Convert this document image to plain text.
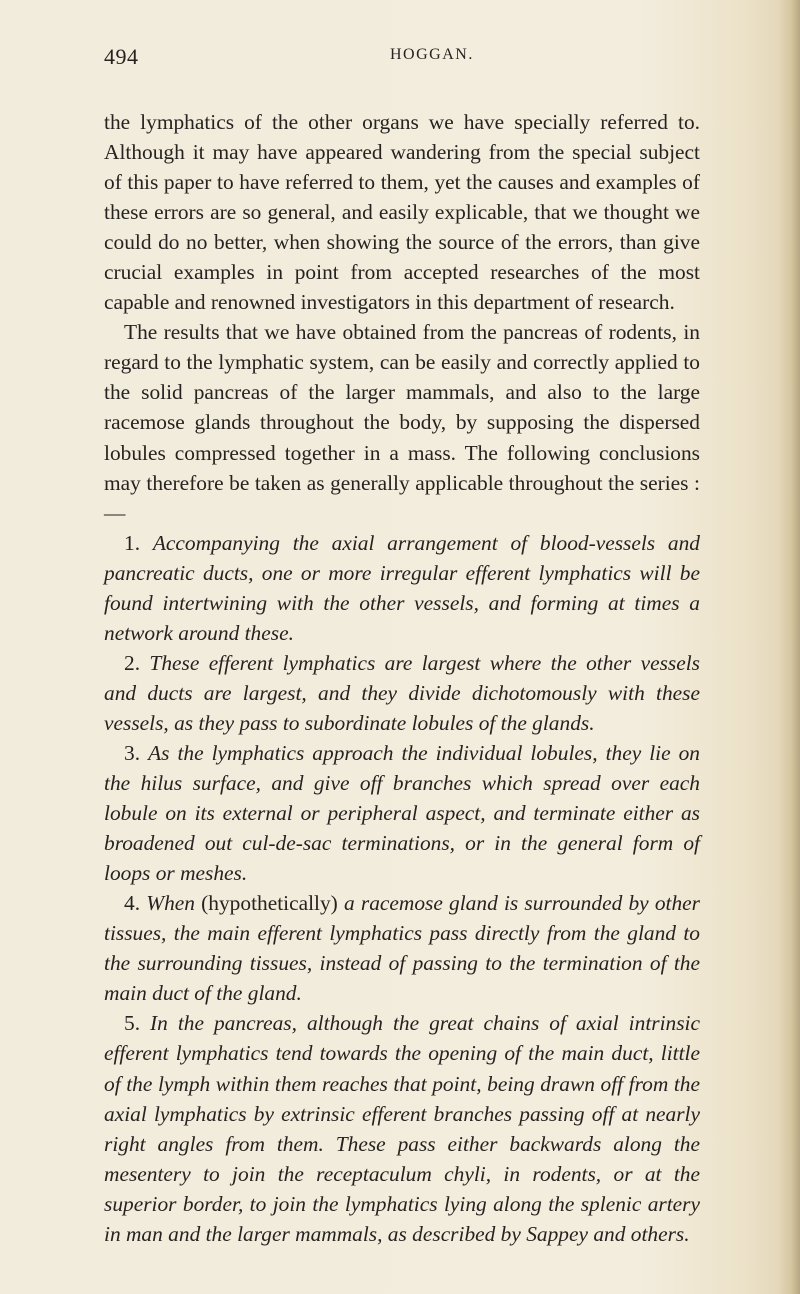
494	HOGGAN.

the lymphatics of the other organs we have specially referred to. Although it may have appeared wandering from the special subject of this paper to have referred to them, yet the causes and examples of these errors are so general, and easily explicable, that we thought we could do no better, when showing the source of the errors, than give crucial examples in point from accepted researches of the most capable and renowned investigators in this department of research.

The results that we have obtained from the pancreas of rodents, in regard to the lymphatic system, can be easily and correctly applied to the solid pancreas of the larger mammals, and also to the large racemose glands throughout the body, by supposing the dispersed lobules compressed together in a mass. The following conclusions may therefore be taken as generally applicable throughout the series :—

1. Accompanying the axial arrangement of blood-vessels and pancreatic ducts, one or more irregular efferent lymphatics will be found intertwining with the other vessels, and forming at times a network around these.

2. These efferent lymphatics are largest where the other vessels and ducts are largest, and they divide dichotomously with these vessels, as they pass to subordinate lobules of the glands.

3. As the lymphatics approach the individual lobules, they lie on the hilus surface, and give off branches which spread over each lobule on its external or peripheral aspect, and terminate either as broadened out cul-de-sac terminations, or in the general form of loops or meshes.

4. When (hypothetically) a racemose gland is surrounded by other tissues, the main efferent lymphatics pass directly from the gland to the surrounding tissues, instead of passing to the termination of the main duct of the gland.

5. In the pancreas, although the great chains of axial intrinsic efferent lymphatics tend towards the opening of the main duct, little of the lymph within them reaches that point, being drawn off from the axial lymphatics by extrinsic efferent branches passing off at nearly right angles from them. These pass either backwards along the mesentery to join the receptaculum chyli, in rodents, or at the superior border, to join the lymphatics lying along the splenic artery in man and the larger mammals, as described by Sappey and others.
